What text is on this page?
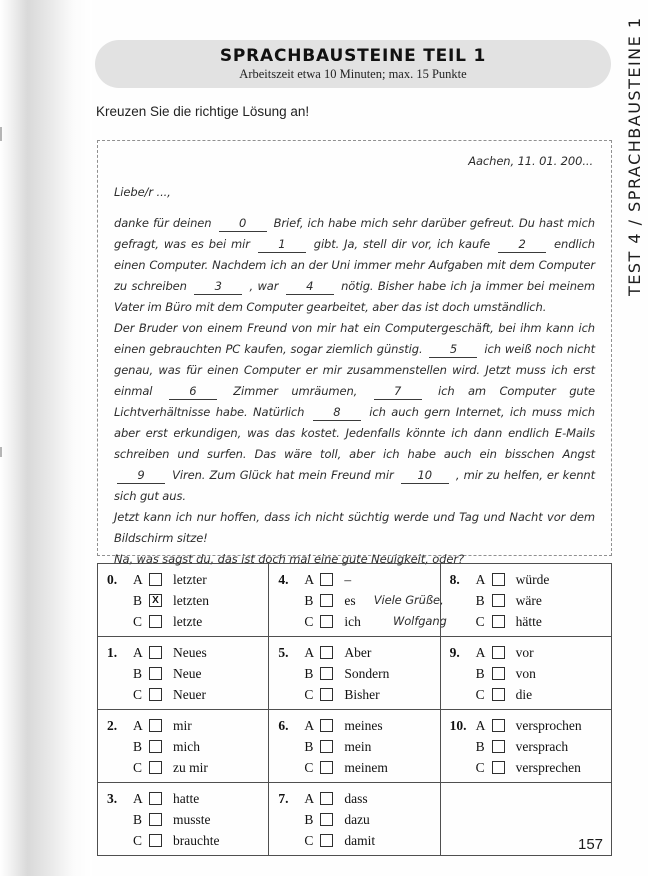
TEST 4 / SPRACHBAUSTEINE 1
SPRACHBAUSTEINE TEIL 1
Arbeitszeit etwa 10 Minuten; max. 15 Punkte
Kreuzen Sie die richtige Lösung an!
Aachen, 11. 01. 200...
Liebe/r ...,

danke für deinen 0 Brief, ich habe mich sehr darüber gefreut. Du hast mich gefragt, was es bei mir 1 gibt. Ja, stell dir vor, ich kaufe 2 endlich einen Computer. Nachdem ich an der Uni immer mehr Aufgaben mit dem Computer zu schreiben 3 , war 4 nötig. Bisher habe ich ja immer bei meinem Vater im Büro mit dem Computer gearbeitet, aber das ist doch umständlich.

Der Bruder von einem Freund von mir hat ein Computergeschäft, bei ihm kann ich einen gebrauchten PC kaufen, sogar ziemlich günstig. 5 ich weiß noch nicht genau, was für einen Computer er mir zusammenstellen wird. Jetzt muss ich erst einmal 6 Zimmer umräumen, 7 ich am Computer gute Lichtverhältnisse habe. Natürlich 8 ich auch gern Internet, ich muss mich aber erst erkundigen, was das kostet. Jedenfalls könnte ich dann endlich E-Mails schreiben und surfen. Das wäre toll, aber ich habe auch ein bisschen Angst 9 Viren. Zum Glück hat mein Freund mir 10 , mir zu helfen, er kennt sich gut aus.

Jetzt kann ich nur hoffen, dass ich nicht süchtig werde und Tag und Nacht vor dem Bildschirm sitze!

Na, was sagst du, das ist doch mal eine gute Neuigkeit, oder?

Viele Grüße,
Wolfgang
0.	A	letzter
B	X letzten
C	letzte

4.	A	–
B	es
C	ich

8.	A	würde
B	wäre
C	hätte

1.	A	Neues
B	Neue
C	Neuer

5.	A	Aber
B	Sondern
C	Bisher

9.	A	vor
B	von
C	die

2.	A	mir
B	mich
C	zu mir

6.	A	meines
B	mein
C	meinem

10. A	versprochen
B	versprach
C	versprechen

3.	A	hatte
B	musste
C	brauchte

7.	A	dass
B	dazu
C	damit
		157
